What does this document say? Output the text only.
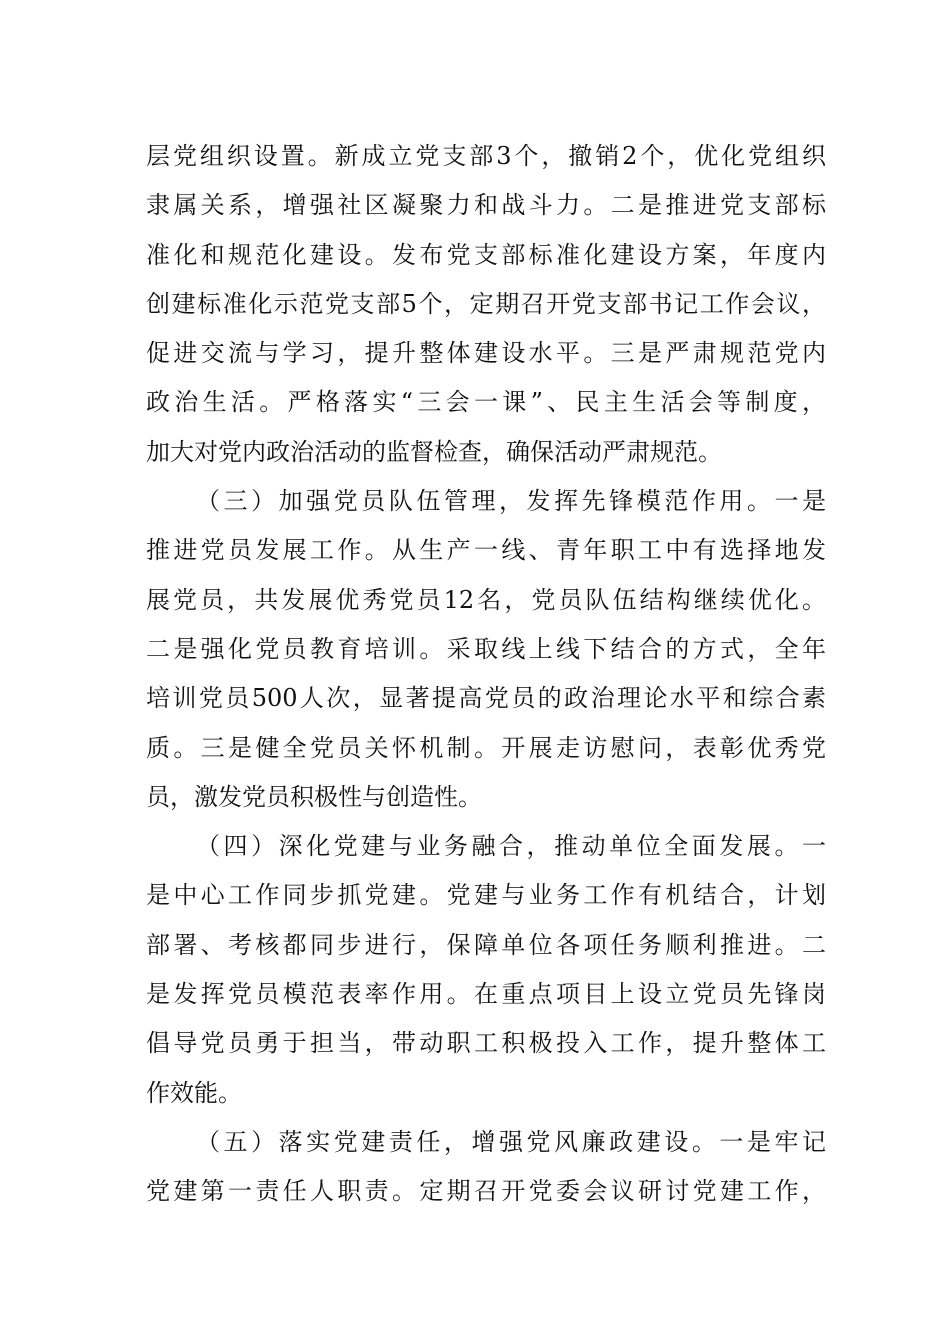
层党组织设置。新成立党支部3个，撤销2个，优化党组织
隶属关系，增强社区凝聚力和战斗力。二是推进党支部标
准化和规范化建设。发布党支部标准化建设方案，年度内
创建标准化示范党支部5个，定期召开党支部书记工作会议，
促进交流与学习，提升整体建设水平。三是严肃规范党内
政治生活。严格落实“三会一课”、民主生活会等制度，
加大对党内政治活动的监督检查，确保活动严肃规范。
（三）加强党员队伍管理，发挥先锋模范作用。一是
推进党员发展工作。从生产一线、青年职工中有选择地发
展党员，共发展优秀党员12名，党员队伍结构继续优化。
二是强化党员教育培训。采取线上线下结合的方式，全年
培训党员500人次，显著提高党员的政治理论水平和综合素
质。三是健全党员关怀机制。开展走访慰问，表彰优秀党
员，激发党员积极性与创造性。
（四）深化党建与业务融合，推动单位全面发展。一
是中心工作同步抓党建。党建与业务工作有机结合，计划
部署、考核都同步进行，保障单位各项任务顺利推进。二
是发挥党员模范表率作用。在重点项目上设立党员先锋岗
倡导党员勇于担当，带动职工积极投入工作，提升整体工
作效能。
（五）落实党建责任，增强党风廉政建设。一是牢记
党建第一责任人职责。定期召开党委会议研讨党建工作，
